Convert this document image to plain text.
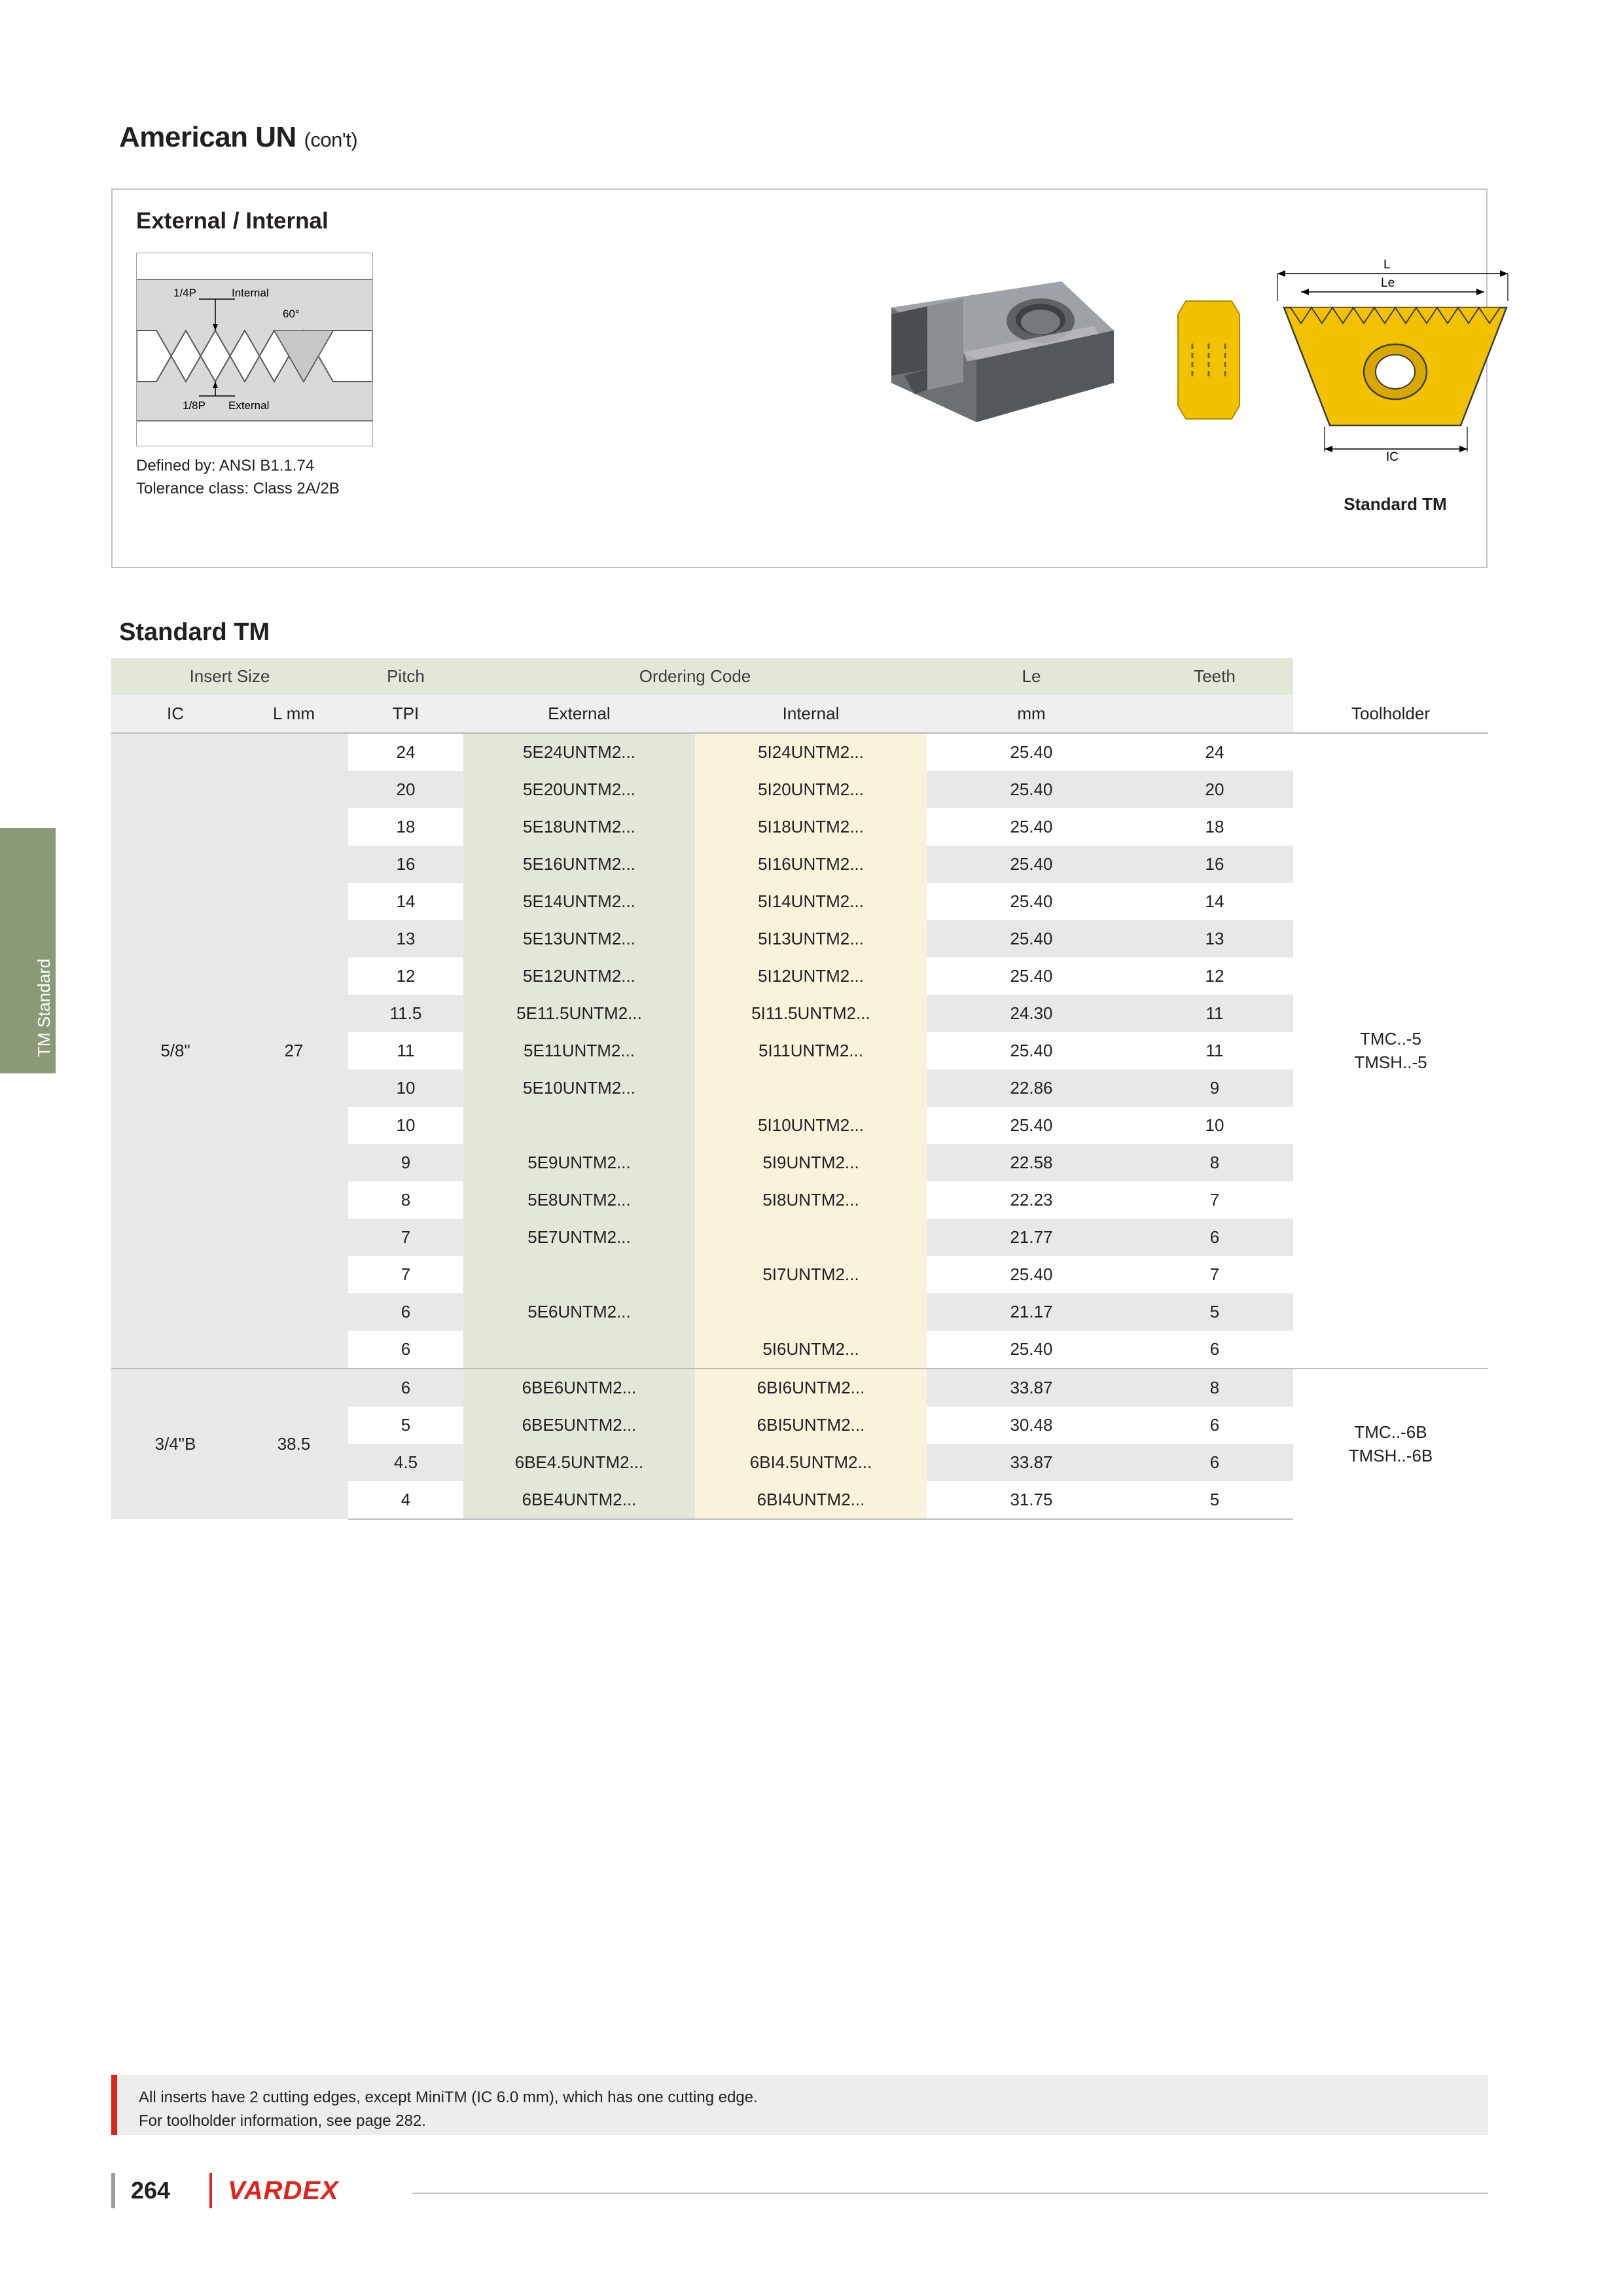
American UN (con't)
External / Internal
1/4P	Internal
1/8P External
60°
Defined by: ANSI B1.1.74
Tolerance class: Class 2A/2B
L
Le
IC
Standard TM
Standard TM
TM Standard
Insert Size		Pitch	Ordering Code		Le	Teeth	
IC	L mm	TPI	External	Internal	mm		Toolholder
5/8"	27	24	5E24UNTM2...	5I24UNTM2...	25.40	24	TMC..-5
TMSH..-5

		20	5E20UNTM2...	5I20UNTM2...	25.40	20	
		18	5E18UNTM2...	5I18UNTM2...	25.40	18	
		16	5E16UNTM2...	5I16UNTM2...	25.40	16	
		14	5E14UNTM2...	5I14UNTM2...	25.40	14	
		13	5E13UNTM2...	5I13UNTM2...	25.40	13	
		12	5E12UNTM2...	5I12UNTM2...	25.40	12	
		11.5	5E11.5UNTM2...	5I11.5UNTM2...	24.30	11	
		11	5E11UNTM2...	5I11UNTM2...	25.40	11	
		10	5E10UNTM2...		22.86	9	
		10		5I10UNTM2...	25.40	10	
		9	5E9UNTM2...	5I9UNTM2...	22.58	8	
		8	5E8UNTM2...	5I8UNTM2...	22.23	7	
		7	5E7UNTM2...		21.77	6	
		7		5I7UNTM2...	25.40	7	
		6	5E6UNTM2...		21.17	5	
		6		5I6UNTM2...	25.40	6	
3/4"B	38.5	6	6BE6UNTM2...	6BI6UNTM2...	33.87	8	TMC..-6B
TMSH..-6B

		5	6BE5UNTM2...	6BI5UNTM2...	30.48	6	
		4.5	6BE4.5UNTM2...	6BI4.5UNTM2...	33.87	6	
		4	6BE4UNTM2...	6BI4UNTM2...	31.75	5	
All inserts have 2 cutting edges, except MiniTM (IC 6.0 mm), which has one cutting edge.
For toolholder information, see page 282.
264 VARDEX
